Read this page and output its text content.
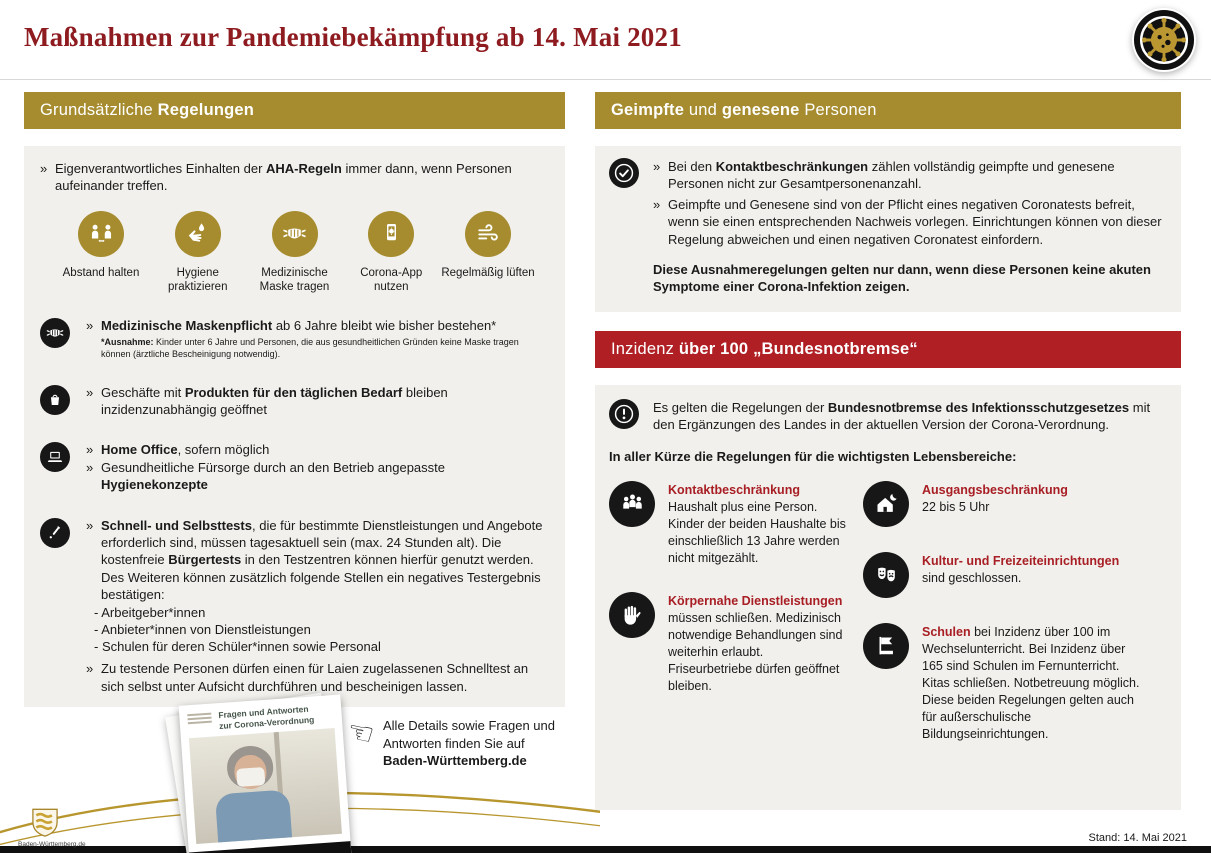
Maßnahmen zur Pandemiebekämpfung ab 14. Mai 2021
Grundsätzliche Regelungen
» Eigenverantwortliches Einhalten der AHA-Regeln immer dann, wenn Personen aufeinander treffen.
Abstand halten	Hygiene praktizieren
Medizinische Maske tragen
Corona-App nutzen
Regelmäßig lüften
» Medizinische Maskenpflicht ab 6 Jahre bleibt wie bisher bestehen*
*Ausnahme: Kinder unter 6 Jahre und Personen, die aus gesundheitlichen Gründen keine Maske tragen können (ärztliche Bescheinigung notwendig).
» Geschäfte mit Produkten für den täglichen Bedarf bleiben inzidenzunabhängig geöffnet
» Home Office, sofern möglich
» Gesundheitliche Fürsorge durch an den Betrieb angepasste Hygienekonzepte
» Schnell- und Selbsttests, die für bestimmte Dienstleistungen und Angebote erforderlich sind, müssen tagesaktuell sein (max. 24 Stunden alt). Die kostenfreie Bürgertests in den Testzentren können hierfür genutzt werden. Des Weiteren können zusätzlich folgende Stellen ein negatives Testergebnis bestätigen:
- Arbeitgeber*innen
- Anbieter*innen von Dienstleistungen
- Schulen für deren Schüler*innen sowie Personal
» Zu testende Personen dürfen einen für Laien zugelassenen Schnelltest an sich selbst unter Aufsicht durchführen und bescheinigen lassen.
Geimpfte und genesene Personen
» Bei den Kontaktbeschränkungen zählen vollständig geimpfte und genesene Personen nicht zur Gesamtpersonenanzahl.
» Geimpfte und Genesene sind von der Pflicht eines negativen Coronatests befreit, wenn sie einen entsprechenden Nachweis vorlegen. Einrichtungen können von dieser Regelung abweichen und einen negativen Coronatest einfordern.
Diese Ausnahmeregelungen gelten nur dann, wenn diese Personen keine akuten Symptome einer Corona-Infektion zeigen.
Inzidenz über 100 „Bundesnotbremse“
Es gelten die Regelungen der Bundesnotbremse des Infektionsschutzgesetzes mit den Ergänzungen des Landes in der aktuellen Version der Corona-Verordnung.
In aller Kürze die Regelungen für die wichtigsten Lebensbereiche:
Kontaktbeschränkung
Haushalt plus eine Person. Kinder der beiden Haushalte bis einschließlich 13 Jahre werden nicht mitgezählt.
Körpernahe Dienstleistungen müssen schließen. Medizinisch notwendige Behandlungen sind weiterhin erlaubt. Friseurbetriebe dürfen geöffnet bleiben.
Ausgangsbeschränkung
22 bis 5 Uhr
Kultur- und Freizeiteinrichtungen
sind geschlossen.
Schulen bei Inzidenz über 100 im Wechselunterricht. Bei Inzidenz über 165 sind Schulen im Fernunterricht. Kitas schließen. Notbetreuung möglich. Diese beiden Regelungen gelten auch für außerschulische Bildungseinrichtungen.
Baden-Württemberg.de
Fragen und Antworten zur Corona-Verordnung ☜ Alle Details sowie Fragen und Antworten finden Sie auf Baden-Württemberg.de
Stand: 14. Mai 2021
